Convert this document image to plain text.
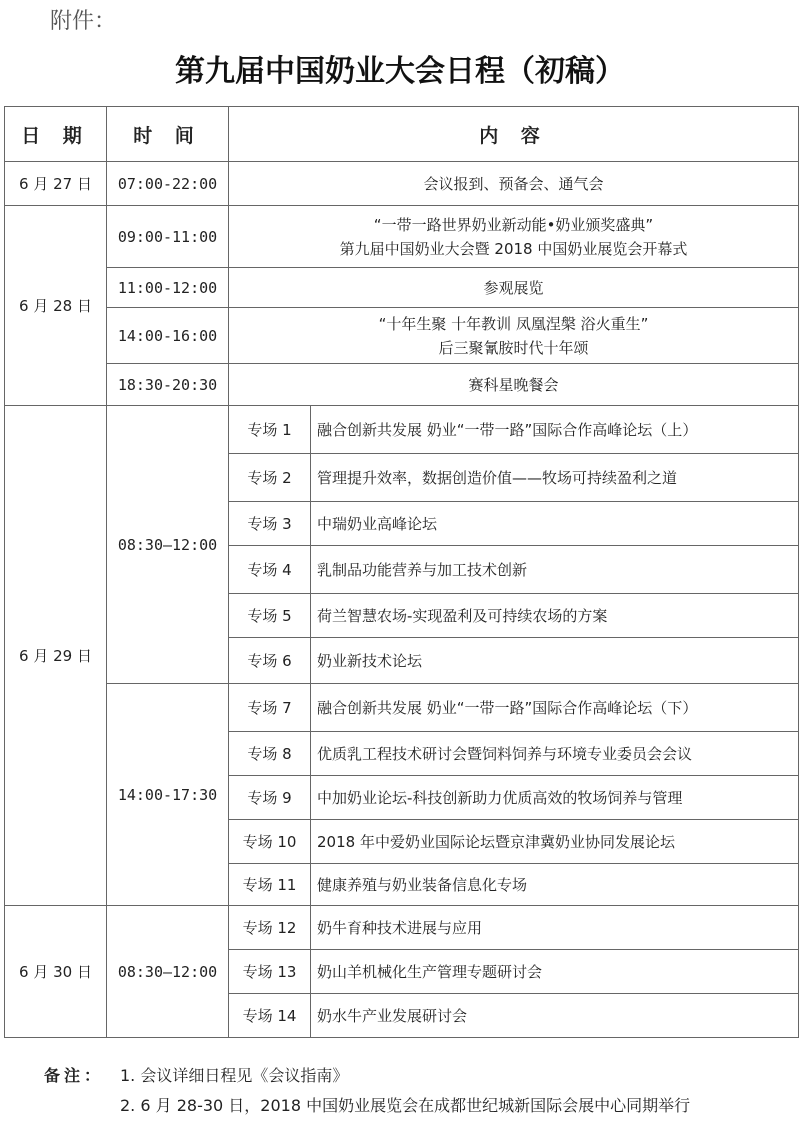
附件：
第九届中国奶业大会日程（初稿）
日 期	时 间	内 容	
6 月 27 日	07:00-22:00	会议报到、预备会、通气会	
6 月 28 日	09:00-11:00	“一带一路世界奶业新动能•奶业颁奖盛典”
第九届中国奶业大会暨 2018 中国奶业展览会开幕式	

	11:00-12:00	参观展览	

	14:00-16:00	“十年生聚 十年教训 凤凰涅槃 浴火重生”
后三聚氰胺时代十年颂	

	18:30-20:30	赛科星晚餐会	

6 月 29 日	08:30—12:00	专场 1	融合创新共发展 奶业“一带一路”国际合作高峰论坛（上）
		专场 2	管理提升效率，数据创造价值——牧场可持续盈利之道
		专场 3	中瑞奶业高峰论坛
		专场 4	乳制品功能营养与加工技术创新
		专场 5	荷兰智慧农场-实现盈利及可持续农场的方案
		专场 6	奶业新技术论坛
	14:00-17:30	专场 7	融合创新共发展 奶业“一带一路”国际合作高峰论坛（下）
		专场 8	优质乳工程技术研讨会暨饲料饲养与环境专业委员会会议
		专场 9	中加奶业论坛-科技创新助力优质高效的牧场饲养与管理
		专场 10	2018 年中爱奶业国际论坛暨京津冀奶业协同发展论坛
		专场 11	健康养殖与奶业装备信息化专场
6 月 30 日	08:30—12:00	专场 12	奶牛育种技术进展与应用
		专场 13	奶山羊机械化生产管理专题研讨会
		专场 14	奶水牛产业发展研讨会
备注： 1. 会议详细日程见《会议指南》
2. 6 月 28-30 日，2018 中国奶业展览会在成都世纪城新国际会展中心同期举行
